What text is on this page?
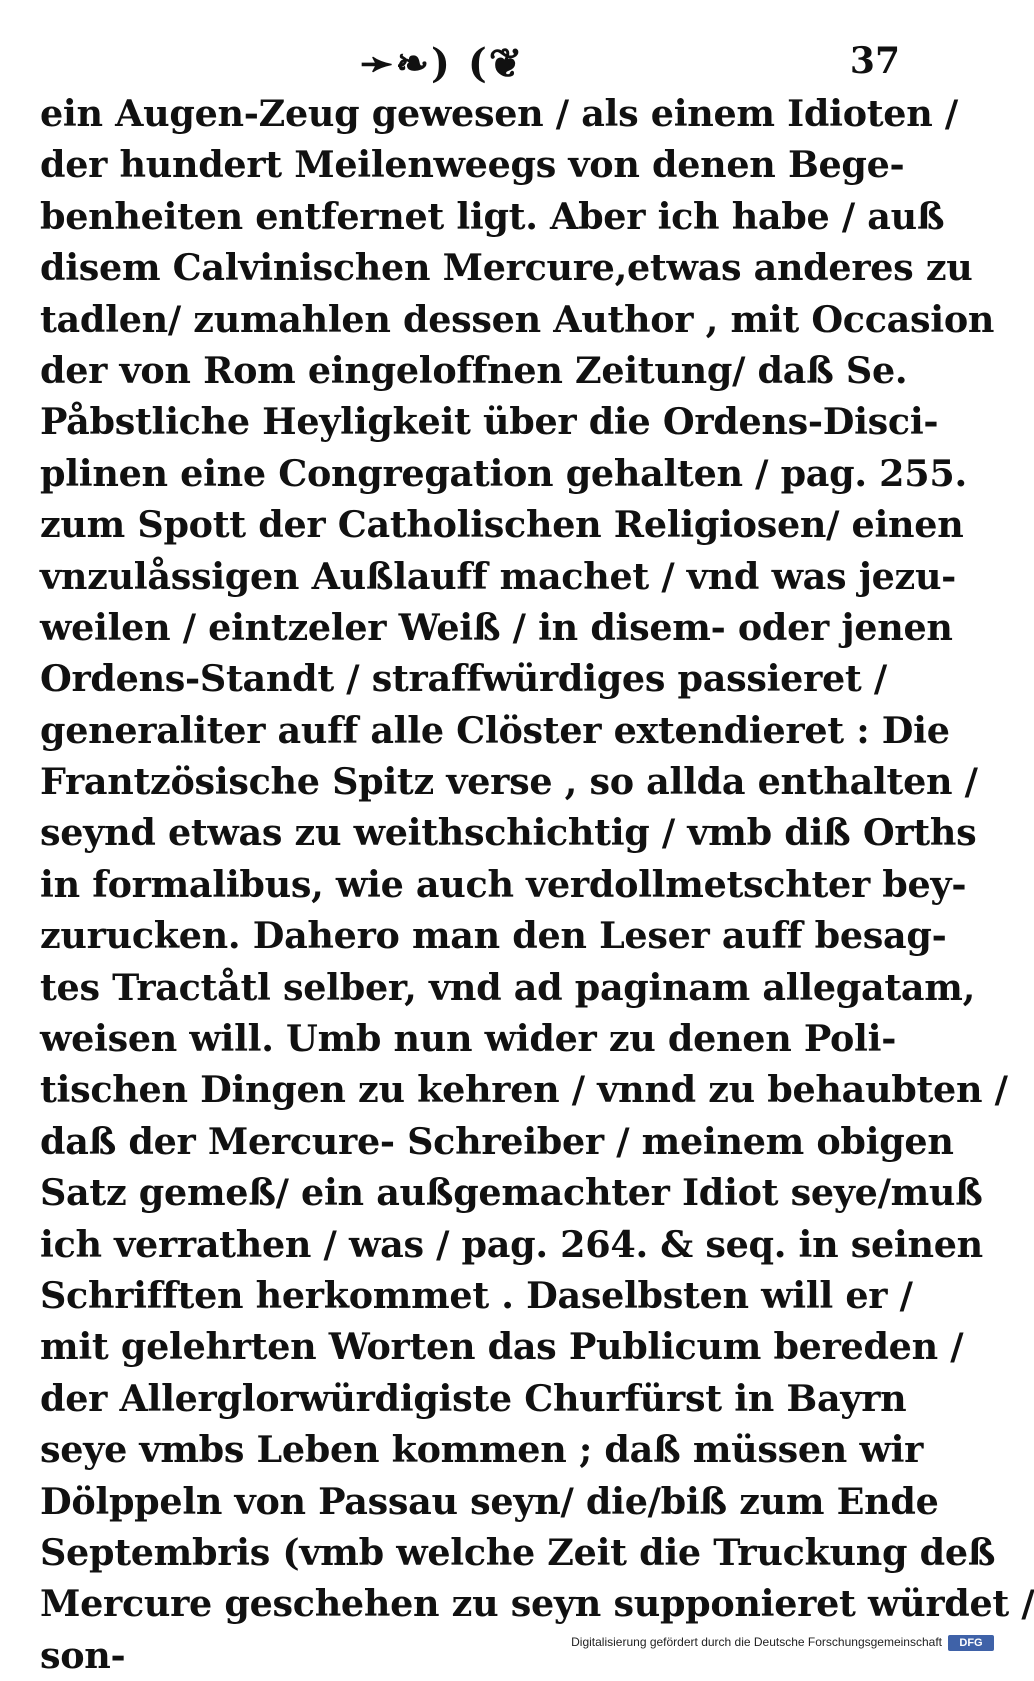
➛❧) (❦	37
ein Augen-Zeug gewesen / als einem Idioten /
der hundert Meilenweegs von denen Bege-
benheiten entfernet ligt. Aber ich habe / auß
disem Calvinischen Mercure,etwas anderes zu
tadlen/ zumahlen dessen Author , mit Occasion
der von Rom eingeloffnen Zeitung/ daß Se.
Påbstliche Heyligkeit über die Ordens-Disci-
plinen eine Congregation gehalten / pag. 255.
zum Spott der Catholischen Religiosen/ einen
vnzulåssigen Außlauff machet / vnd was jezu-
weilen / eintzeler Weiß / in disem- oder jenen
Ordens-Standt / straffwürdiges passieret /
generaliter auff alle Clöster extendieret : Die
Frantzösische Spitz verse , so allda enthalten /
seynd etwas zu weithschichtig / vmb diß Orths
in formalibus, wie auch verdollmetschter bey-
zurucken. Dahero man den Leser auff besag-
tes Tractåtl selber, vnd ad paginam allegatam,
weisen will. Umb nun wider zu denen Poli-
tischen Dingen zu kehren / vnnd zu behaubten /
daß der Mercure- Schreiber / meinem obigen
Satz gemeß/ ein außgemachter Idiot seye/muß
ich verrathen / was / pag. 264. & seq. in seinen
Schrifften herkommet . Daselbsten will er /
mit gelehrten Worten das Publicum bereden /
der Allerglorwürdigiste Churfürst in Bayrn
seye vmbs Leben kommen ; daß müssen wir
Dölppeln von Passau seyn/ die/biß zum Ende
Septembris (vmb welche Zeit die Truckung deß
Mercure geschehen zu seyn supponieret würdet /
son-	Digitalisierung gefördert durch die Deutsche Forschungsgemeinschaft	DFG
